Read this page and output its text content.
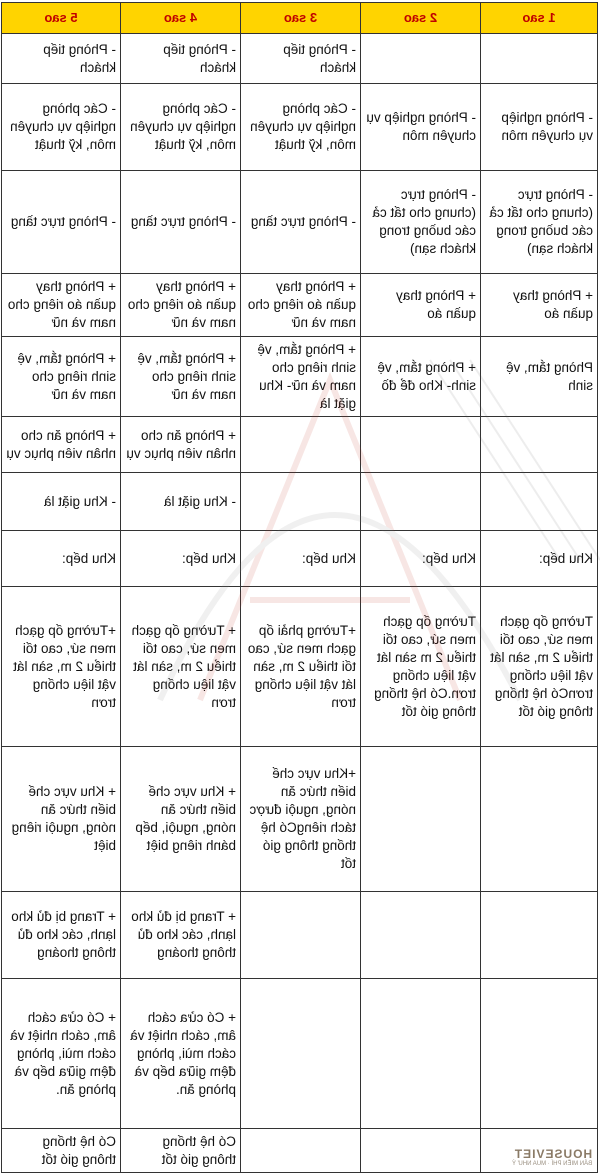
1 sao	2 sao	3 sao	4 sao	5 sao
		- Phòng tiếp khách	- Phòng tiếp khách	- Phòng tiếp khách
- Phòng nghiệp vụ chuyên môn	- Phòng nghiệp vụ chuyên môn	- Các phòng nghiệp vụ chuyên môn, kỹ thuật	- Các phòng nghiệp vụ chuyên môn, kỹ thuật	- Các phòng nghiệp vụ chuyên môn, kỹ thuật
- Phòng trực (chung cho tất cả các buồng trong khách sạn)	- Phòng trực (chung cho tất cả các buồng trong khách sạn)	- Phòng trực tầng	- Phòng trực tầng	- Phòng trực tầng
+ Phòng thay quần áo	+ Phòng thay quần áo	+ Phòng thay quần áo riêng cho nam và nữ	+ Phòng thay quần áo riêng cho nam và nữ	+ Phòng thay quần áo riêng cho nam và nữ
Phòng tắm, vệ sinh	+ Phòng tắm, vệ sinh- Kho để đồ	+ Phòng tắm, vệ sinh riêng cho nam và nữ- Khu giặt là	+ Phòng tắm, vệ sinh riêng cho nam và nữ	+ Phòng tắm, vệ sinh riêng cho nam và nữ
			+ Phòng ăn cho nhân viên phục vụ	+ Phòng ăn cho nhân viên phục vụ
			- Khu giặt là	- Khu giặt là
Khu bếp:	Khu bếp:	Khu bếp:	Khu bếp:	Khu bếp:
Tường ốp gạch men sứ, cao tối thiểu 2 m, sàn lát vật liệu chống trơnCó hệ thống thông gió tốt	Tường ốp gạch men sứ, cao tối thiểu 2 m sàn lát vật liệu chống trơn.Có hệ thống thông gió tốt	+Tường phải ốp gạch men sứ, cao tối thiểu 2 m, sàn lát vật liệu chống trơn	+ Tường ốp gạch men sứ, cao tối thiểu 2 m, sàn lát vật liệu chống trơn	+Tường ốp gạch men sứ, cao tối thiểu 2 m, sàn lát vật liệu chống trơn
		+Khu vực chế biến thức ăn nóng, nguội được tách riêngCó hệ thống thông gió tốt	+ Khu vực chế biến thức ăn nóng, nguội, bếp bánh riêng biệt	+ Khu vực chế biến thức ăn nóng, nguội riêng biệt
			+ Trang bị đủ kho lạnh, các kho đủ thông thoáng	+ Trang bị đủ kho lạnh, các kho đủ thông thoáng
			+ Có cửa cách âm, cách nhiệt và cách mùi, phòng đệm giữa bếp và phòng ăn.	+ Có cửa cách âm, cách nhiệt và cách mùi, phòng đệm giữa bếp và phòng ăn.
			Có hệ thống thông gió tốt	Có hệ thống thông gió tốt	HOUSEVIET
BẢN MIỄN PHÍ · MUA NHƯ Ý
